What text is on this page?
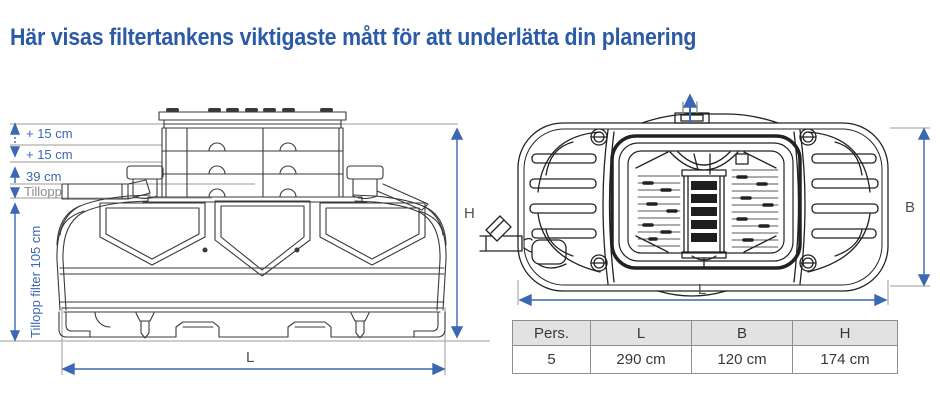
Här visas filtertankens viktigaste mått för att underlätta din planering
+ 15 cm
+ 15 cm
39 cm
Tillopp
Tillopp filter 105 cm
L
H	B
L
Pers.	L	B	H
5	290 cm	120 cm	174 cm
